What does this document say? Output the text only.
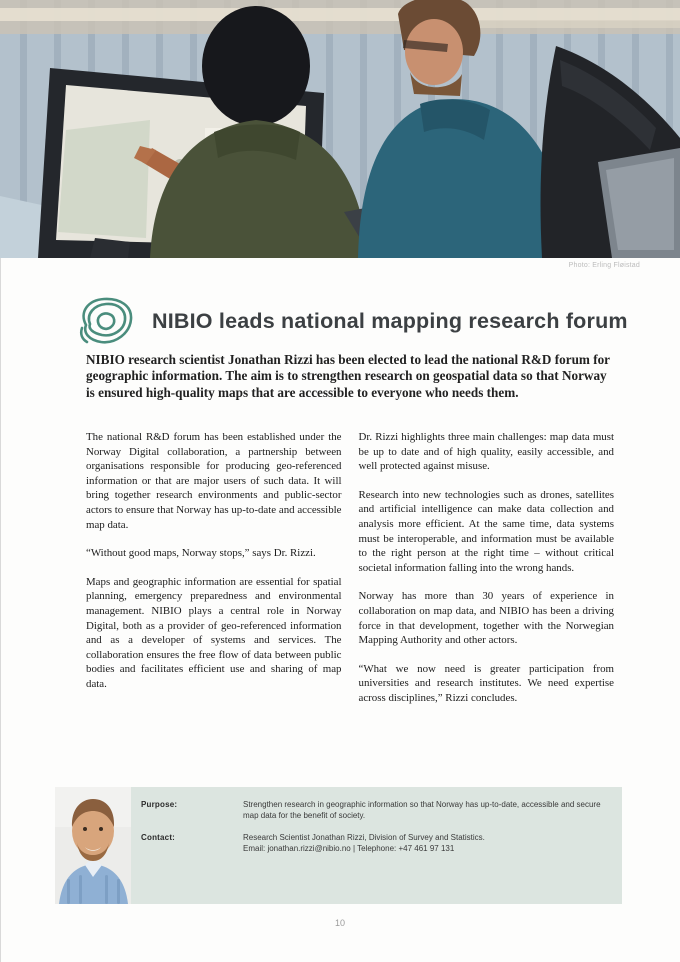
Photo: Erling Fløistad
NIBIO leads national mapping research forum
NIBIO research scientist Jonathan Rizzi has been elected to lead the national R&D forum for geographic information. The aim is to strengthen research on geospatial data so that Norway is ensured high-quality maps that are accessible to everyone who needs them.

The national R&D forum has been established under the Norway Digital collaboration, a partnership between organisations responsible for producing geo-referenced information or that are major users of such data. It will bring together research environments and public-sector actors to ensure that Norway has up-to-date and accessible map data.

“Without good maps, Norway stops,” says Dr. Rizzi.

Maps and geographic information are essential for spatial planning, emergency preparedness and environmental management. NIBIO plays a central role in Norway Digital, both as a provider of geo-referenced information and as a developer of systems and services. The collaboration ensures the free flow of data between public bodies and facilitates efficient use and sharing of map data.

Dr. Rizzi highlights three main challenges: map data must be up to date and of high quality, easily accessible, and well protected against misuse.

Research into new technologies such as drones, satellites and artificial intelligence can make data collection and analysis more efficient. At the same time, data systems must be interoperable, and information must be available to the right person at the right time – without critical societal information falling into the wrong hands.

Norway has more than 30 years of experience in collaboration on map data, and NIBIO has been a driving force in that development, together with the Norwegian Mapping Authority and other actors.

“What we now need is greater participation from universities and research institutes. We need expertise across disciplines,” Rizzi concludes.

Purpose:	Strengthen research in geographic information so that Norway has up-to-date, accessible and secure map data for the benefit of society.
Contact:	Research Scientist Jonathan Rizzi, Division of Survey and Statistics.
Email: jonathan.rizzi@nibio.no | Telephone: +47 461 97 131
10
